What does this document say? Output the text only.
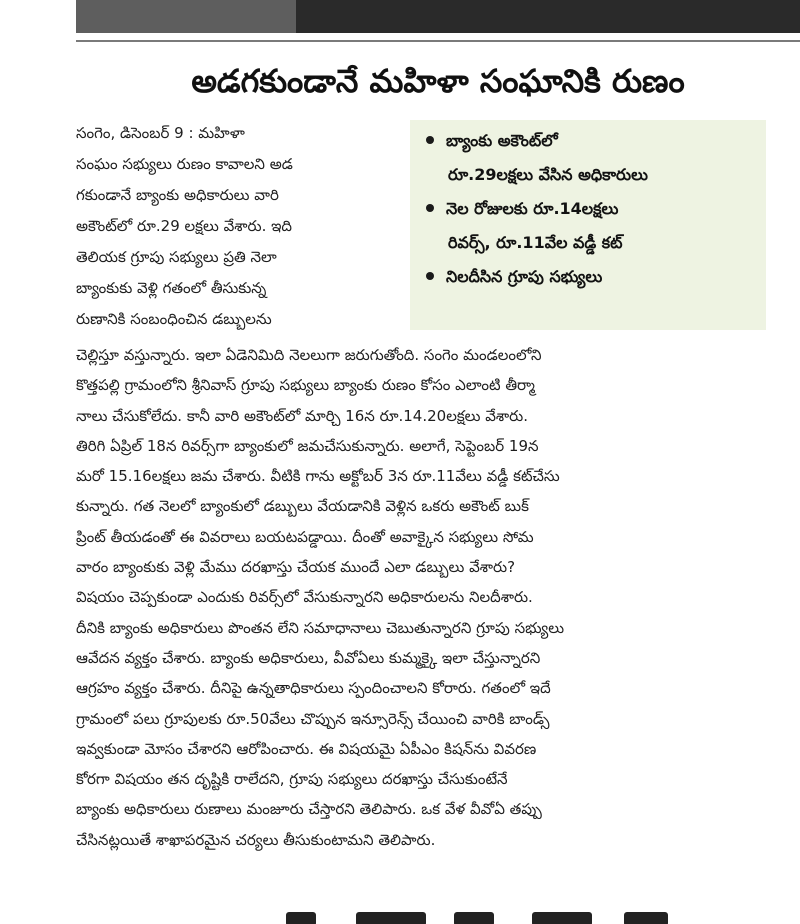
అడగకుండానే మహిళా సంఘానికి రుణం
సంగెం, డిసెంబర్ 9 : మహిళా
సంఘం సభ్యులు రుణం కావాలని అడ
గకుండానే బ్యాంకు అధికారులు వారి
అకౌంట్‌లో రూ.29 లక్షలు వేశారు. ఇది
తెలియక గ్రూపు సభ్యులు ప్రతి నెలా
బ్యాంకుకు వెళ్లి గతంలో తీసుకున్న
రుణానికి సంబంధించిన డబ్బులను
బ్యాంకు అకౌంట్‌లో
రూ.29లక్షలు వేసిన అధికారులు
నెల రోజులకు రూ.14లక్షలు
రివర్స్, రూ.11వేల వడ్డీ కట్
నిలదీసిన గ్రూపు సభ్యులు
చెల్లిస్తూ వస్తున్నారు. ఇలా ఏడెనిమిది నెలలుగా జరుగుతోంది. సంగెం మండలంలోని
కొత్తపల్లి గ్రామంలోని శ్రీనివాస్ గ్రూపు సభ్యులు బ్యాంకు రుణం కోసం ఎలాంటి తీర్మా
నాలు చేసుకోలేదు. కానీ వారి అకౌంట్‌లో మార్చి 16న రూ.14.20లక్షలు వేశారు.
తిరిగి ఏప్రిల్ 18న రివర్స్‌గా బ్యాంకులో జమచేసుకున్నారు. అలాగే, సెప్టెంబర్ 19న
మరో 15.16లక్షలు జమ చేశారు. వీటికి గాను అక్టోబర్ 3న రూ.11వేలు వడ్డీ కట్‌చేసు
కున్నారు. గత నెలలో బ్యాంకులో డబ్బులు వేయడానికి వెళ్లిన ఒకరు అకౌంట్ బుక్
ప్రింట్ తీయడంతో ఈ వివరాలు బయటపడ్డాయి. దీంతో అవాక్కైన సభ్యులు సోమ
వారం బ్యాంకుకు వెళ్లి మేము దరఖాస్తు చేయక ముందే ఎలా డబ్బులు వేశారు?
విషయం చెప్పకుండా ఎందుకు రివర్స్‌లో వేసుకున్నారని అధికారులను నిలదీశారు.
దీనికి బ్యాంకు అధికారులు పొంతన లేని సమాధానాలు చెబుతున్నారని గ్రూపు సభ్యులు
ఆవేదన వ్యక్తం చేశారు. బ్యాంకు అధికారులు, వీవోఏలు కుమ్మక్కై ఇలా చేస్తున్నారని
ఆగ్రహం వ్యక్తం చేశారు. దీనిపై ఉన్నతాధికారులు స్పందించాలని కోరారు. గతంలో ఇదే
గ్రామంలో పలు గ్రూపులకు రూ.50వేలు చొప్పున ఇన్సూరెన్స్ చేయించి వారికి బాండ్స్
ఇవ్వకుండా మోసం చేశారని ఆరోపించారు. ఈ విషయమై ఏపీఎం కిషన్‌ను వివరణ
కోరగా విషయం తన దృష్టికి రాలేదని, గ్రూపు సభ్యులు దరఖాస్తు చేసుకుంటేనే
బ్యాంకు అధికారులు రుణాలు మంజూరు చేస్తారని తెలిపారు. ఒక వేళ వీవోఏ తప్పు
చేసినట్లయితే శాఖాపరమైన చర్యలు తీసుకుంటామని తెలిపారు.
